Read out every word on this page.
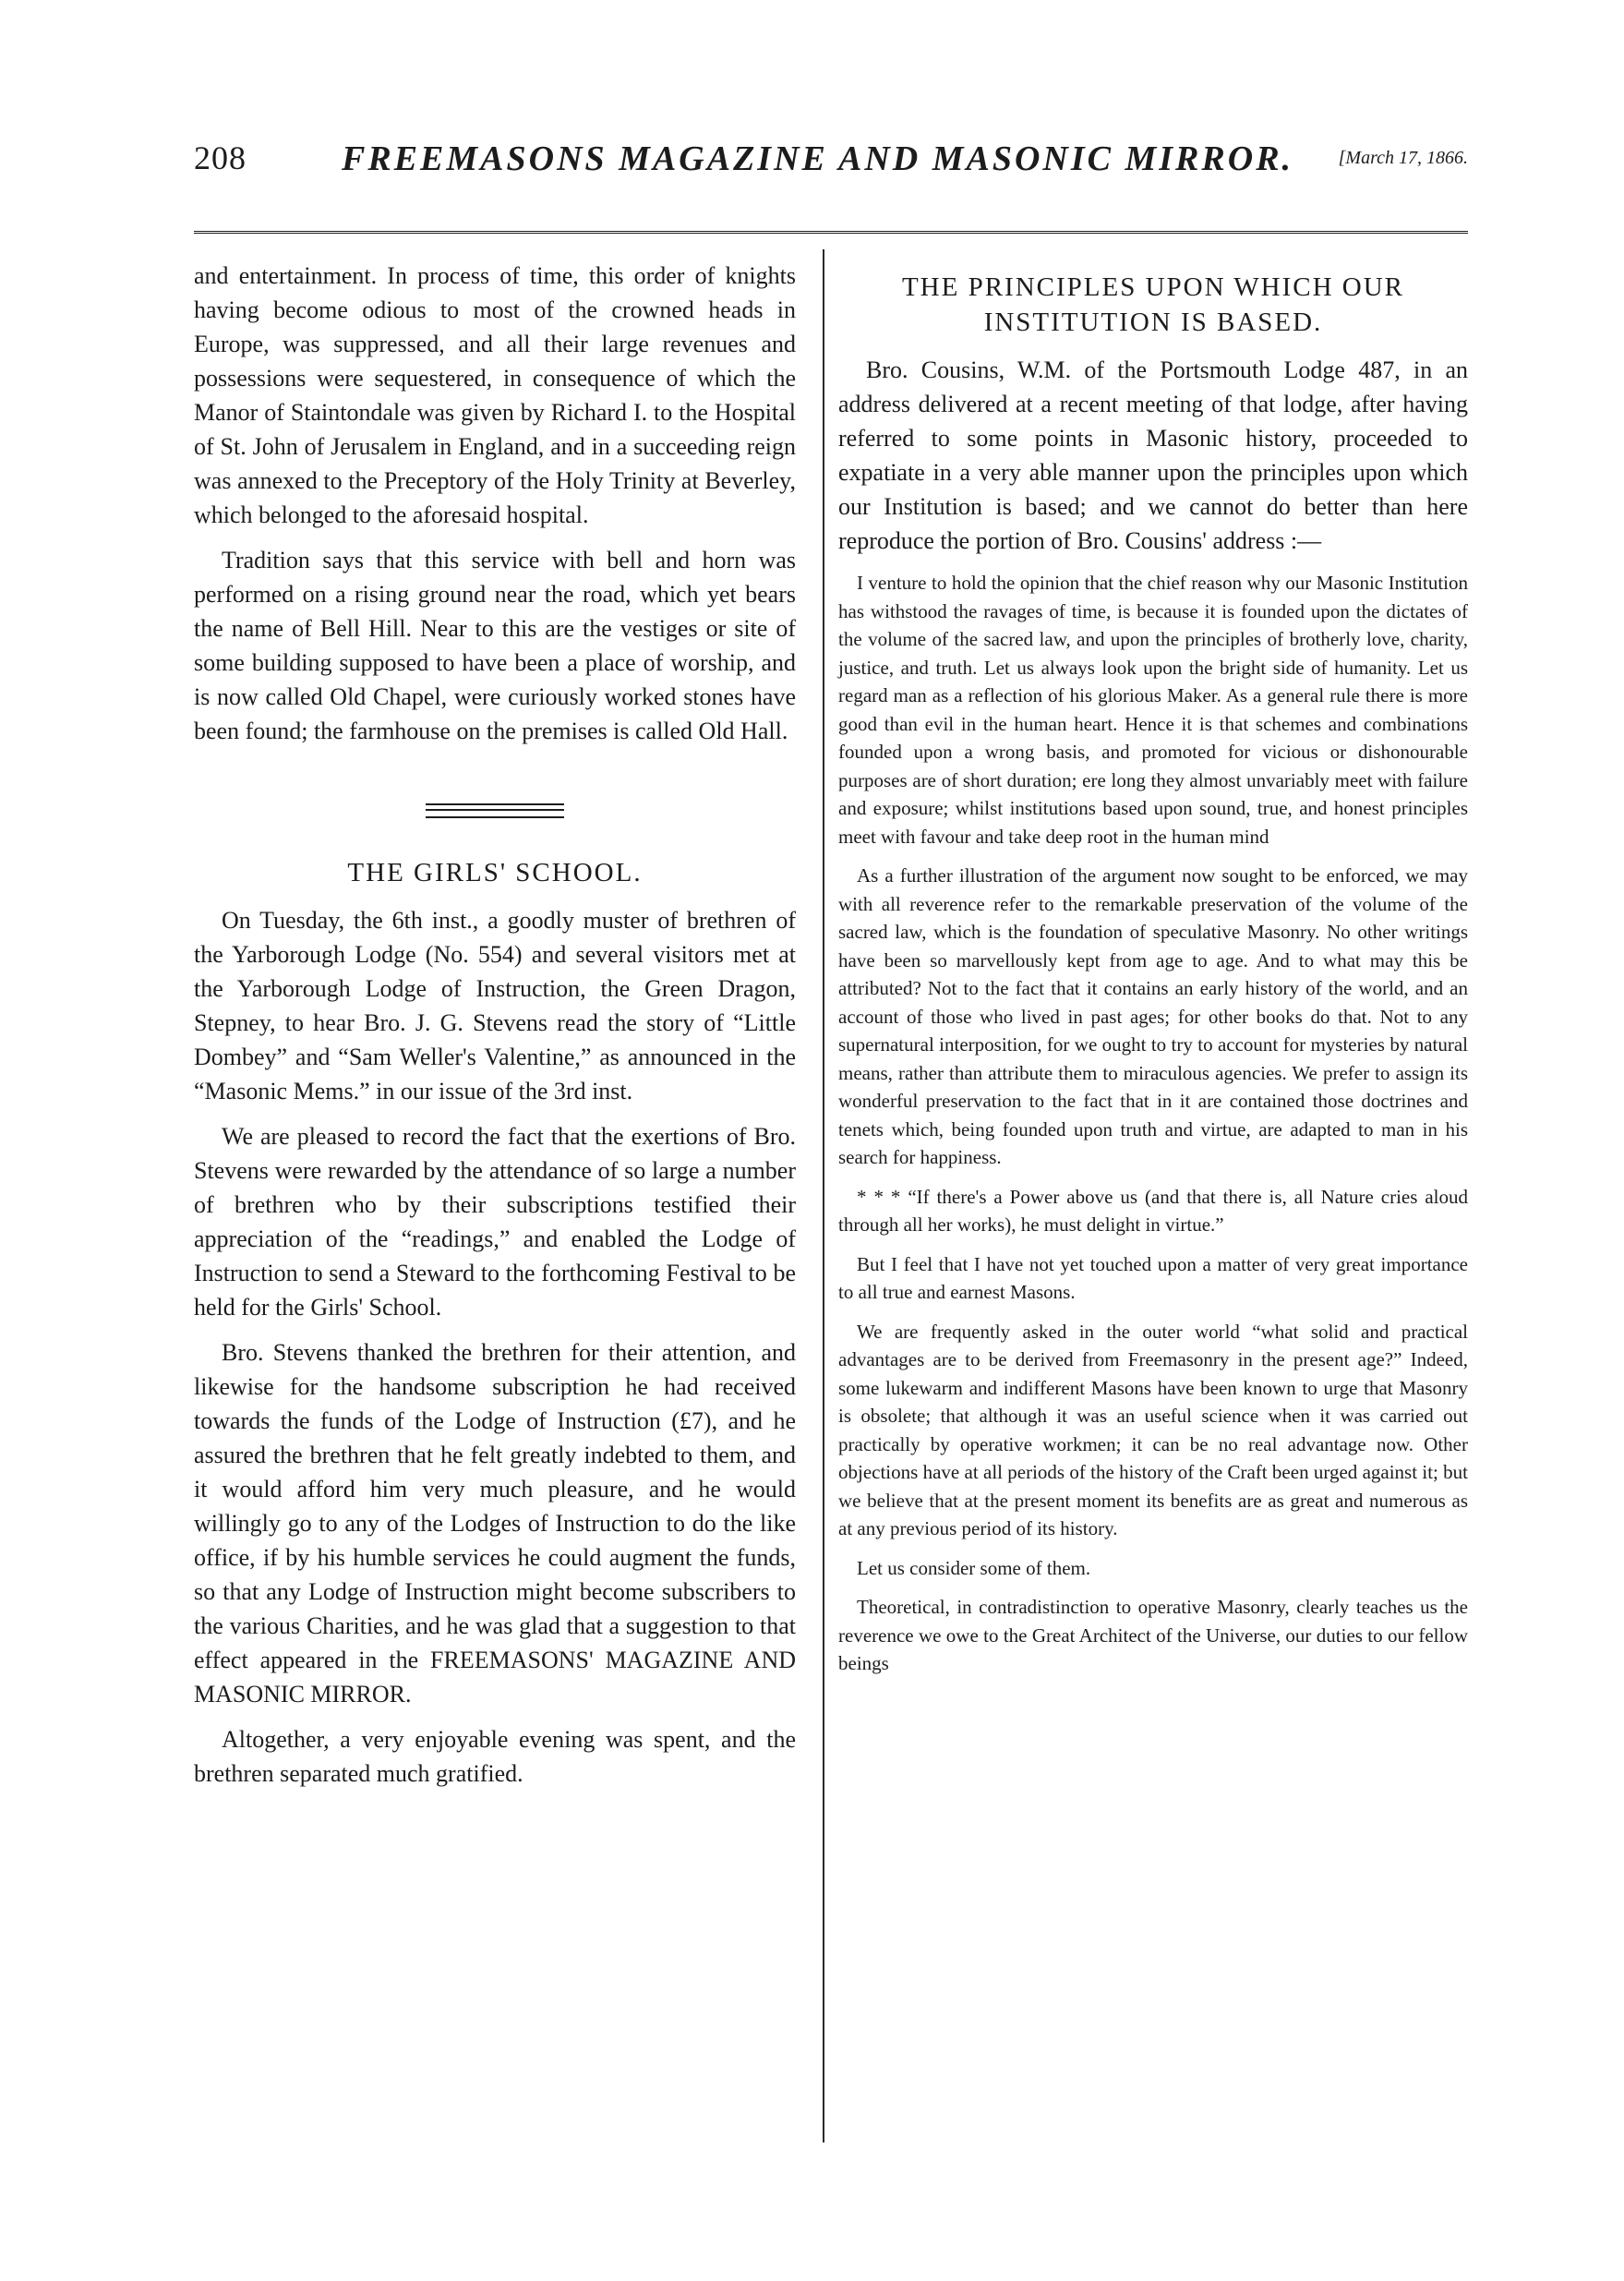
208	FREEMASONS MAGAZINE AND MASONIC MIRROR. [March 17, 1866.

and entertainment. In process of time, this order of knights having become odious to most of the crowned heads in Europe, was suppressed, and all their large revenues and possessions were sequestered, in consequence of which the Manor of Staintondale was given by Richard I. to the Hospital of St. John of Jerusalem in England, and in a succeeding reign was annexed to the Preceptory of the Holy Trinity at Beverley, which belonged to the aforesaid hospital.

Tradition says that this service with bell and horn was performed on a rising ground near the road, which yet bears the name of Bell Hill. Near to this are the vestiges or site of some building supposed to have been a place of worship, and is now called Old Chapel, were curiously worked stones have been found; the farmhouse on the premises is called Old Hall.

THE GIRLS' SCHOOL.

On Tuesday, the 6th inst., a goodly muster of brethren of the Yarborough Lodge (No. 554) and several visitors met at the Yarborough Lodge of Instruction, the Green Dragon, Stepney, to hear Bro. J. G. Stevens read the story of “Little Dombey” and “Sam Weller's Valentine,” as announced in the “Masonic Mems.” in our issue of the 3rd inst.

We are pleased to record the fact that the exertions of Bro. Stevens were rewarded by the attendance of so large a number of brethren who by their subscriptions testified their appreciation of the “readings,” and enabled the Lodge of Instruction to send a Steward to the forthcoming Festival to be held for the Girls' School.

Bro. Stevens thanked the brethren for their attention, and likewise for the handsome subscription he had received towards the funds of the Lodge of Instruction (£7), and he assured the brethren that he felt greatly indebted to them, and it would afford him very much pleasure, and he would willingly go to any of the Lodges of Instruction to do the like office, if by his humble services he could augment the funds, so that any Lodge of Instruction might become subscribers to the various Charities, and he was glad that a suggestion to that effect appeared in the FREEMASONS' MAGAZINE AND MASONIC MIRROR.

Altogether, a very enjoyable evening was spent, and the brethren separated much gratified.

THE PRINCIPLES UPON WHICH OUR INSTITUTION IS BASED.

Bro. Cousins, W.M. of the Portsmouth Lodge 487, in an address delivered at a recent meeting of that lodge, after having referred to some points in Masonic history, proceeded to expatiate in a very able manner upon the principles upon which our Institution is based; and we cannot do better than here reproduce the portion of Bro. Cousins' address :—

I venture to hold the opinion that the chief reason why our Masonic Institution has withstood the ravages of time, is because it is founded upon the dictates of the volume of the sacred law, and upon the principles of brotherly love, charity, justice, and truth. Let us always look upon the bright side of humanity. Let us regard man as a reflection of his glorious Maker. As a general rule there is more good than evil in the human heart. Hence it is that schemes and combinations founded upon a wrong basis, and promoted for vicious or dishonourable purposes are of short duration; ere long they almost unvariably meet with failure and exposure; whilst institutions based upon sound, true, and honest principles meet with favour and take deep root in the human mind

As a further illustration of the argument now sought to be enforced, we may with all reverence refer to the remarkable preservation of the volume of the sacred law, which is the foundation of speculative Masonry. No other writings have been so marvellously kept from age to age. And to what may this be attributed? Not to the fact that it contains an early history of the world, and an account of those who lived in past ages; for other books do that. Not to any supernatural interposition, for we ought to try to account for mysteries by natural means, rather than attribute them to miraculous agencies. We prefer to assign its wonderful preservation to the fact that in it are contained those doctrines and tenets which, being founded upon truth and virtue, are adapted to man in his search for happiness.

* * * “If there's a Power above us (and that there is, all Nature cries aloud through all her works), he must delight in virtue.”

But I feel that I have not yet touched upon a matter of very great importance to all true and earnest Masons.

We are frequently asked in the outer world “what solid and practical advantages are to be derived from Freemasonry in the present age?” Indeed, some lukewarm and indifferent Masons have been known to urge that Masonry is obsolete; that although it was an useful science when it was carried out practically by operative workmen; it can be no real advantage now. Other objections have at all periods of the history of the Craft been urged against it; but we believe that at the present moment its benefits are as great and numerous as at any previous period of its history.

Let us consider some of them.

Theoretical, in contradistinction to operative Masonry, clearly teaches us the reverence we owe to the Great Architect of the Universe, our duties to our fellow beings
